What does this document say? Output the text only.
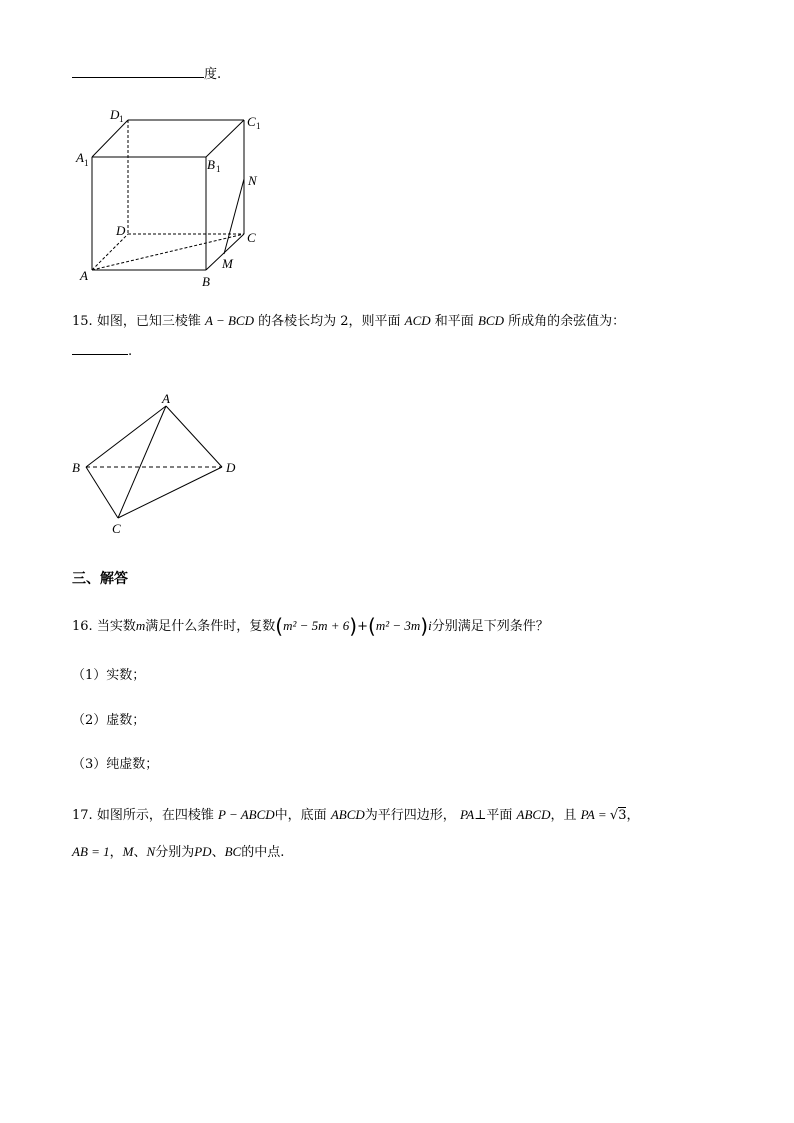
度.
D 1	C 1
A 1	B 1
N
D	C
M
A	B
15. 如图，已知三棱锥 A − BCD 的各棱长均为 2，则平面 ACD 和平面 BCD 所成角的余弦值为：
.
A
B	D
C
三、解答
16. 当实数m满足什么条件时，复数(m² − 5m + 6)+(m² − 3m)i分别满足下列条件？
（1）实数；
（2）虚数；
（3）纯虚数；
17. 如图所示，在四棱锥 P − ABCD中，底面 ABCD为平行四边形， PA⊥平面 ABCD，且 PA = √3，
AB = 1，M、N分别为PD、BC的中点.
